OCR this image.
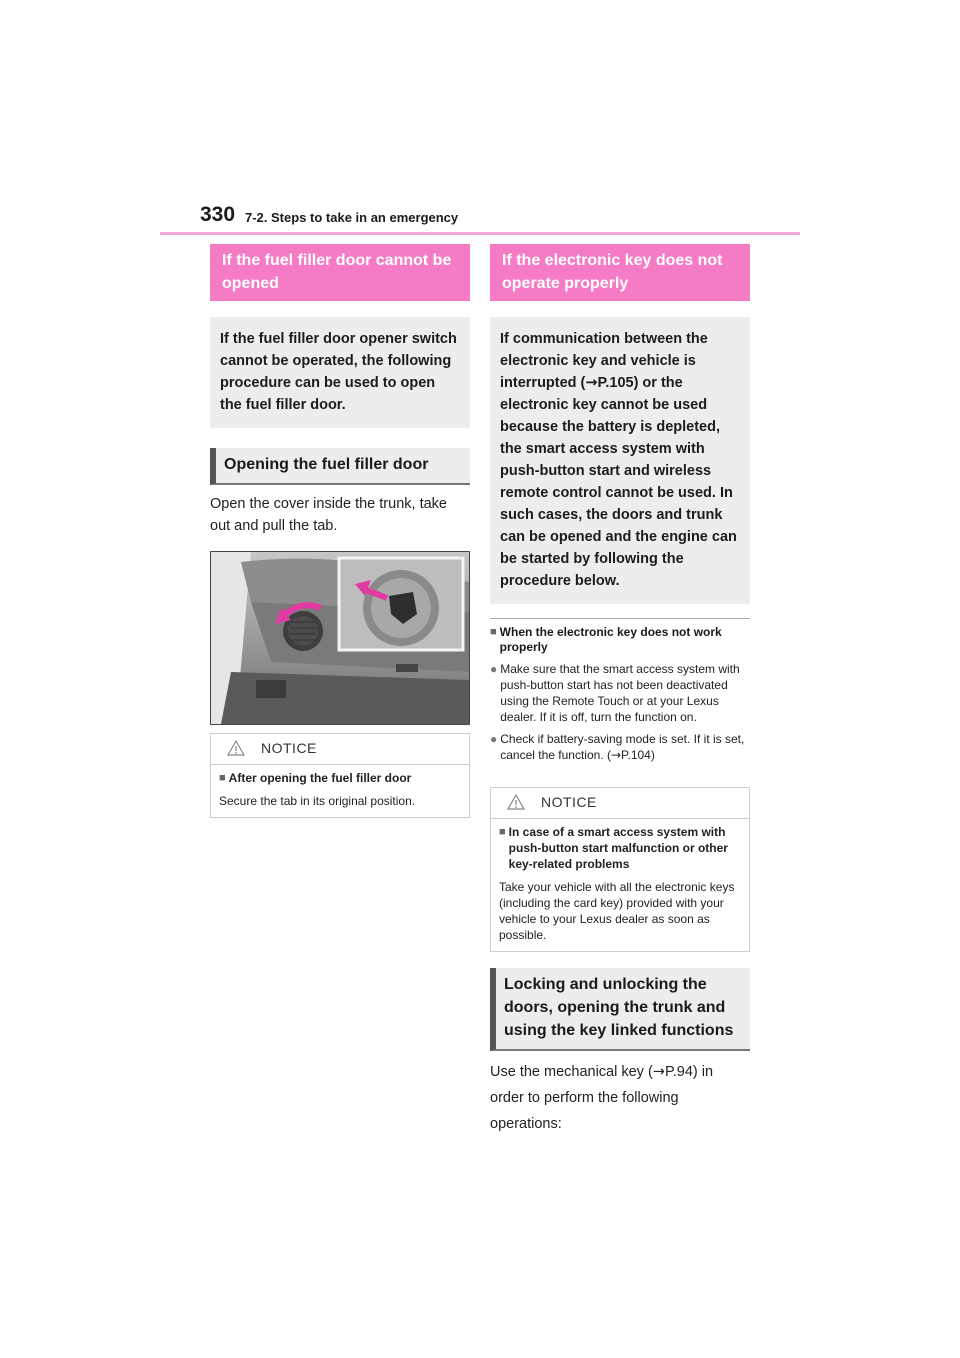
330 7-2. Steps to take in an emergency
If the fuel filler door cannot be opened
If the fuel filler door opener switch cannot be operated, the following procedure can be used to open the fuel filler door.
Opening the fuel filler door
Open the cover inside the trunk, take out and pull the tab.
NOTICE
■ After opening the fuel filler door
Secure the tab in its original position.
If the electronic key does not operate properly
If communication between the electronic key and vehicle is interrupted (→P.105) or the electronic key cannot be used because the battery is depleted, the smart access system with push-button start and wireless remote control cannot be used. In such cases, the doors and trunk can be opened and the engine can be started by following the procedure below.
■ When the electronic key does not work properly
● Make sure that the smart access system with push-button start has not been deactivated using the Remote Touch or at your Lexus dealer. If it is off, turn the function on.
● Check if battery-saving mode is set. If it is set, cancel the function. (→P.104)
NOTICE
■ In case of a smart access system with push-button start malfunction or other key-related problems
Take your vehicle with all the electronic keys (including the card key) provided with your vehicle to your Lexus dealer as soon as possible.
Locking and unlocking the doors, opening the trunk and using the key linked functions
Use the mechanical key (→P.94) in order to perform the following operations:
